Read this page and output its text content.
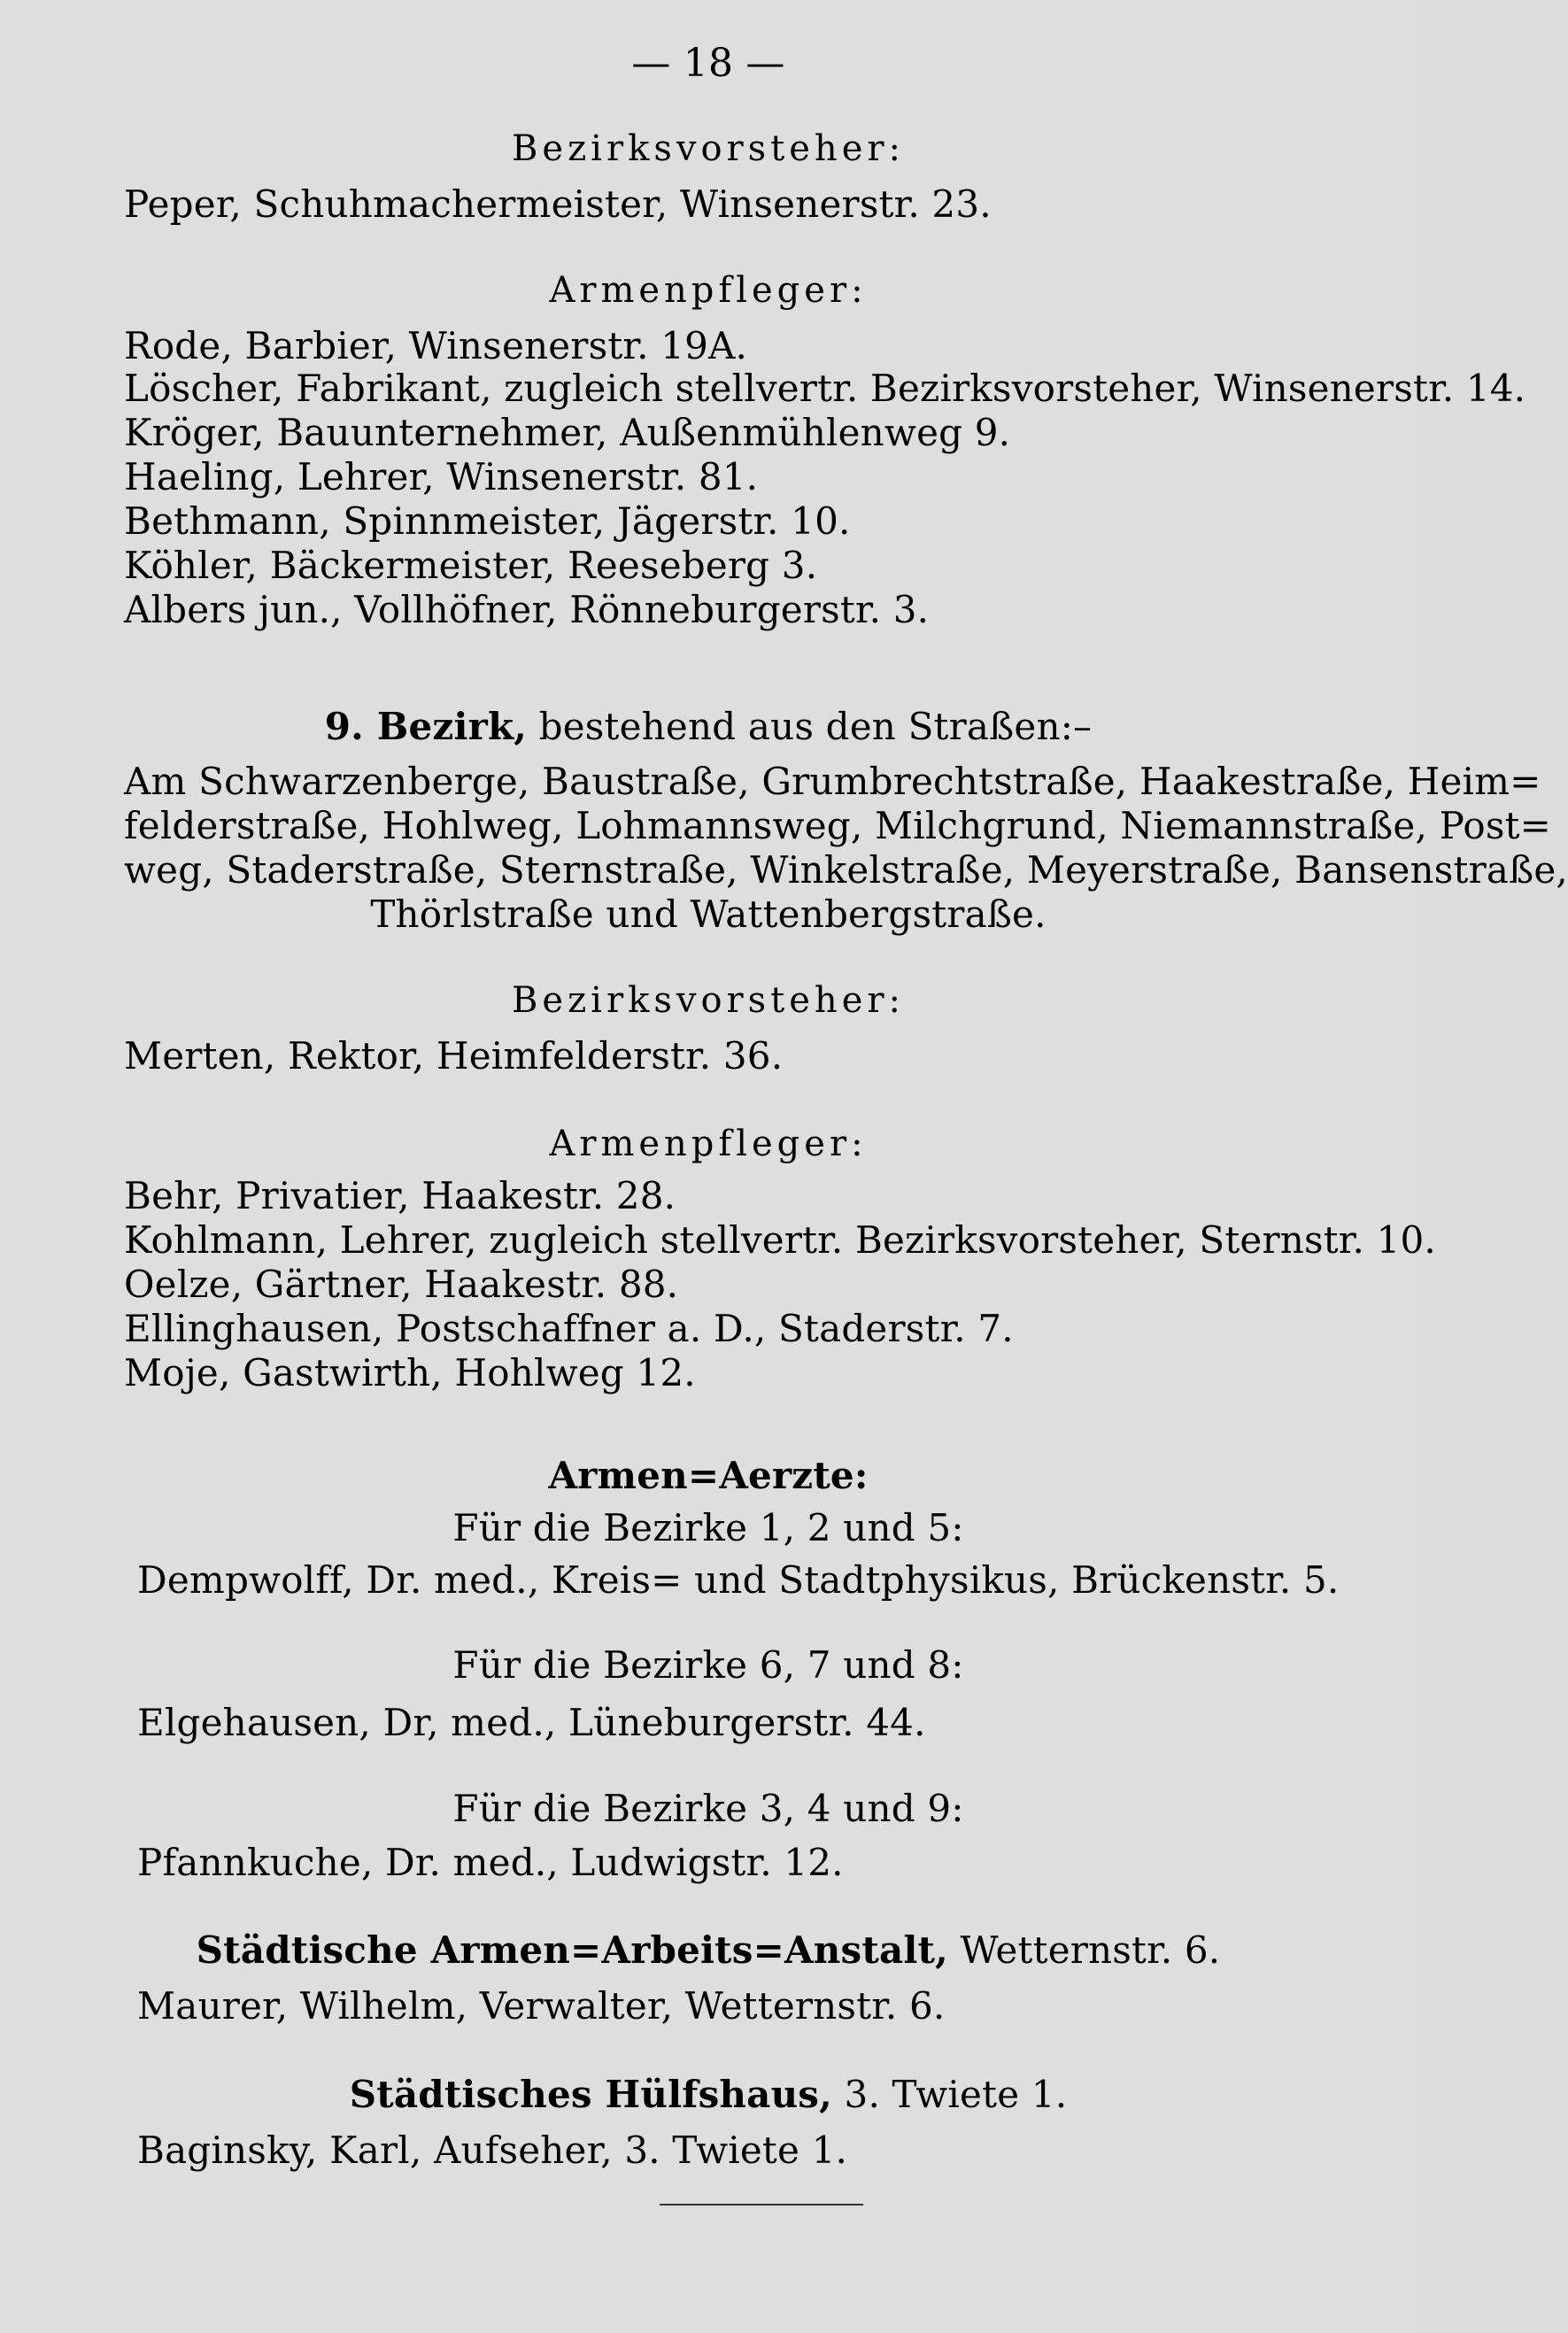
— 18 —
Bezirksvorsteher:
Peper, Schuhmachermeister, Winsenerstr. 23.
Armenpfleger:
Rode, Barbier, Winsenerstr. 19A.
Löscher, Fabrikant, zugleich stellvertr. Bezirksvorsteher, Winsenerstr. 14.
Kröger, Bauunternehmer, Außenmühlenweg 9.
Haeling, Lehrer, Winsenerstr. 81.
Bethmann, Spinnmeister, Jägerstr. 10.
Köhler, Bäckermeister, Reeseberg 3.
Albers jun., Vollhöfner, Rönneburgerstr. 3.
9. Bezirk, bestehend aus den Straßen:–
Am Schwarzenberge, Baustraße, Grumbrechtstraße, Haakestraße, Heim=
felderstraße, Hohlweg, Lohmannsweg, Milchgrund, Niemannstraße, Post=
weg, Staderstraße, Sternstraße, Winkelstraße, Meyerstraße, Bansenstraße,
Thörlstraße und Wattenbergstraße.
Bezirksvorsteher:
Merten, Rektor, Heimfelderstr. 36.
Armenpfleger:
Behr, Privatier, Haakestr. 28.
Kohlmann, Lehrer, zugleich stellvertr. Bezirksvorsteher, Sternstr. 10.
Oelze, Gärtner, Haakestr. 88.
Ellinghausen, Postschaffner a. D., Staderstr. 7.
Moje, Gastwirth, Hohlweg 12.
Armen=Aerzte:
Für die Bezirke 1, 2 und 5:
Dempwolff, Dr. med., Kreis= und Stadtphysikus, Brückenstr. 5.
Für die Bezirke 6, 7 und 8:
Elgehausen, Dr, med., Lüneburgerstr. 44.
Für die Bezirke 3, 4 und 9:
Pfannkuche, Dr. med., Ludwigstr. 12.
Städtische Armen=Arbeits=Anstalt, Wetternstr. 6.
Maurer, Wilhelm, Verwalter, Wetternstr. 6.
Städtisches Hülfshaus, 3. Twiete 1.
Baginsky, Karl, Aufseher, 3. Twiete 1.
